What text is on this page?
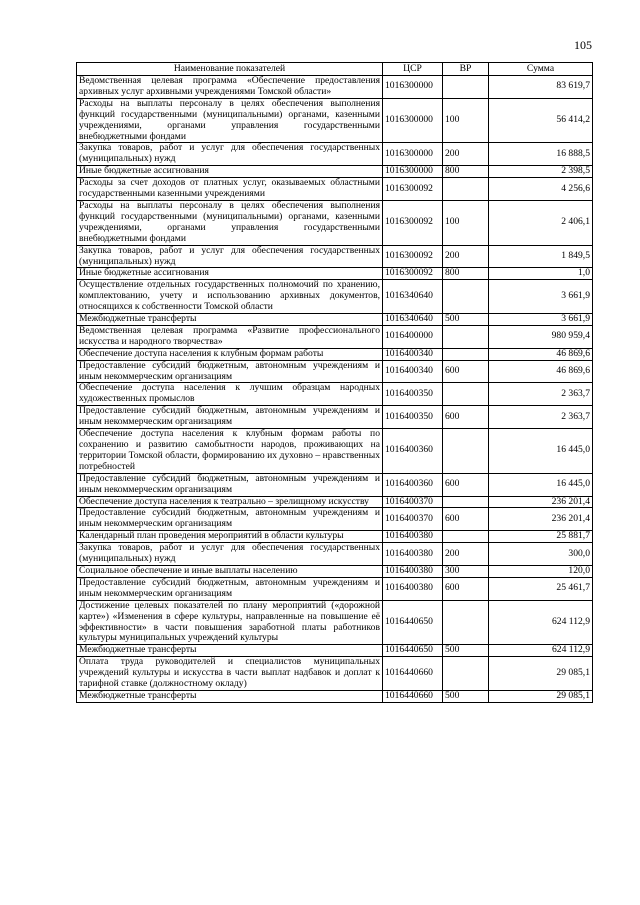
105
Наименование показателей	ЦСР	ВР	Сумма
Ведомственная целевая программа «Обеспечение предоставления архивных услуг архивными учреждениями Томской области»	1016300000		83 619,7
Расходы на выплаты персоналу в целях обеспечения выполнения функций государственными (муниципальными) органами, казенными учреждениями, органами управления государственными внебюджетными фондами	1016300000	100	56 414,2
Закупка товаров, работ и услуг для обеспечения государственных (муниципальных) нужд	1016300000	200	16 888,5
Иные бюджетные ассигнования	1016300000	800	2 398,5
Расходы за счет доходов от платных услуг, оказываемых областными государственными казенными учреждениями	1016300092		4 256,6
Расходы на выплаты персоналу в целях обеспечения выполнения функций государственными (муниципальными) органами, казенными учреждениями, органами управления государственными внебюджетными фондами	1016300092	100	2 406,1
Закупка товаров, работ и услуг для обеспечения государственных (муниципальных) нужд	1016300092	200	1 849,5
Иные бюджетные ассигнования	1016300092	800	1,0
Осуществление отдельных государственных полномочий по хранению, комплектованию, учету и использованию архивных документов, относящихся к собственности Томской области	1016340640		3 661,9
Межбюджетные трансферты	1016340640	500	3 661,9
Ведомственная целевая программа «Развитие профессионального искусства и народного творчества»	1016400000		980 959,4
Обеспечение доступа населения к клубным формам работы	1016400340		46 869,6
Предоставление субсидий бюджетным, автономным учреждениям и иным некоммерческим организациям	1016400340	600	46 869,6
Обеспечение доступа населения к лучшим образцам народных художественных промыслов	1016400350		2 363,7
Предоставление субсидий бюджетным, автономным учреждениям и иным некоммерческим организациям	1016400350	600	2 363,7
Обеспечение доступа населения к клубным формам работы по сохранению и развитию самобытности народов, проживающих на территории Томской области, формированию их духовно – нравственных потребностей	1016400360		16 445,0
Предоставление субсидий бюджетным, автономным учреждениям и иным некоммерческим организациям	1016400360	600	16 445,0
Обеспечение доступа населения к театрально – зрелищному искусству	1016400370		236 201,4
Предоставление субсидий бюджетным, автономным учреждениям и иным некоммерческим организациям	1016400370	600	236 201,4
Календарный план проведения мероприятий в области культуры	1016400380		25 881,7
Закупка товаров, работ и услуг для обеспечения государственных (муниципальных) нужд	1016400380	200	300,0
Социальное обеспечение и иные выплаты населению	1016400380	300	120,0
Предоставление субсидий бюджетным, автономным учреждениям и иным некоммерческим организациям	1016400380	600	25 461,7
Достижение целевых показателей по плану мероприятий («дорожной карте») «Изменения в сфере культуры, направленные на повышение её эффективности» в части повышения заработной платы работников культуры муниципальных учреждений культуры	1016440650		624 112,9
Межбюджетные трансферты	1016440650	500	624 112,9
Оплата труда руководителей и специалистов муниципальных учреждений культуры и искусства в части выплат надбавок и доплат к тарифной ставке (должностному окладу)	1016440660		29 085,1
Межбюджетные трансферты	1016440660	500	29 085,1
